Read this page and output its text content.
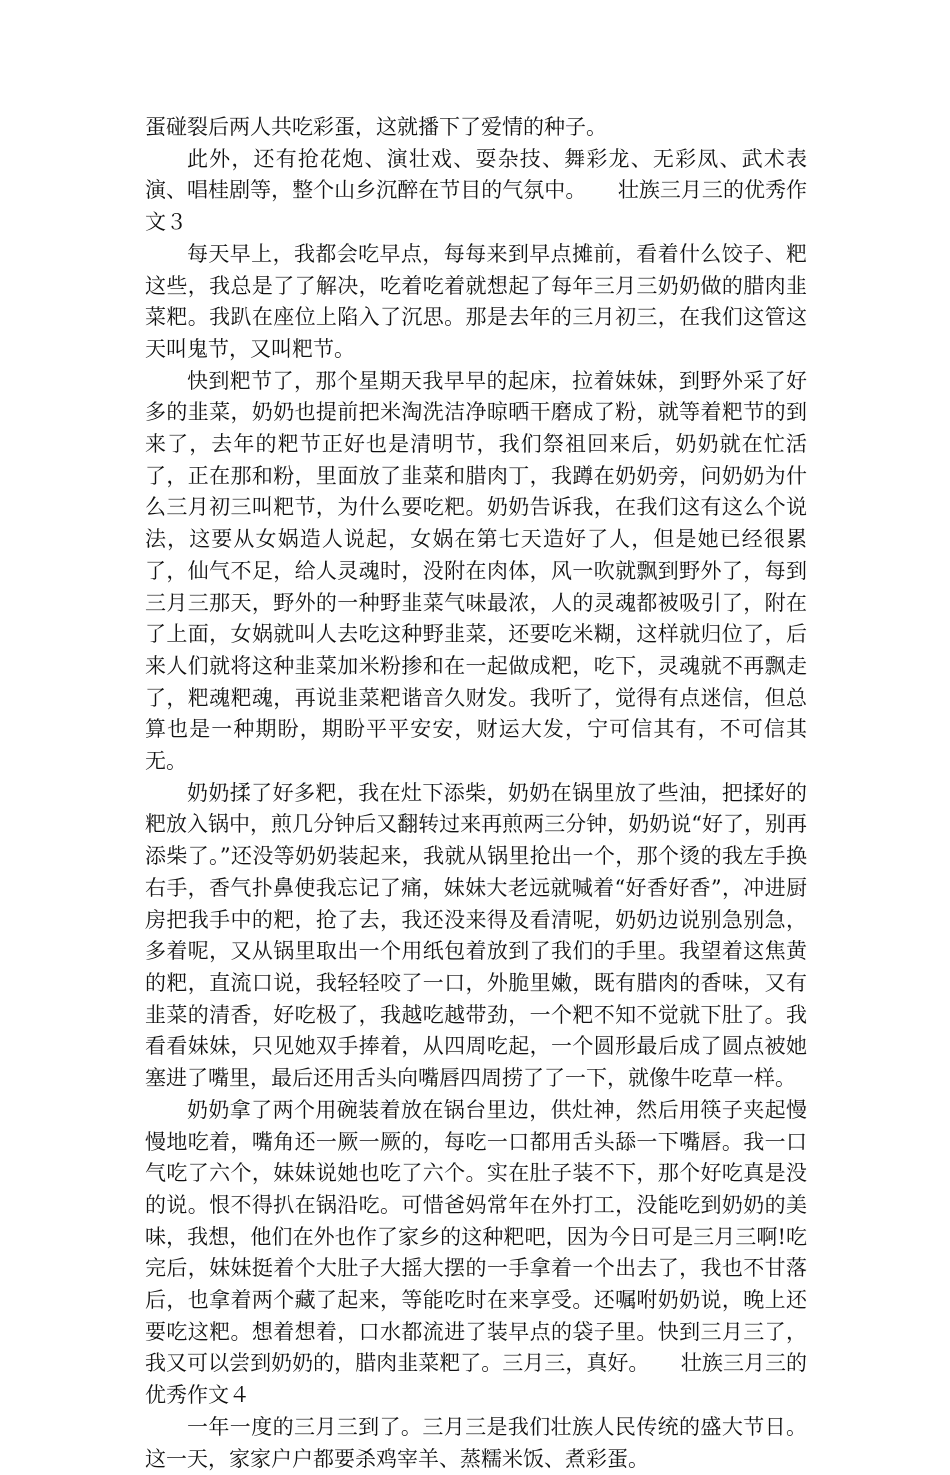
蛋碰裂后两人共吃彩蛋，这就播下了爱情的种子。

此外，还有抢花炮、演壮戏、耍杂技、舞彩龙、无彩凤、武术表演、唱桂剧等，整个山乡沉醉在节目的气氛中。　　壮族三月三的优秀作文３

每天早上，我都会吃早点，每每来到早点摊前，看着什么饺子、粑这些，我总是了了解决，吃着吃着就想起了每年三月三奶奶做的腊肉韭菜粑。我趴在座位上陷入了沉思。那是去年的三月初三，在我们这管这天叫鬼节，又叫粑节。

快到粑节了，那个星期天我早早的起床，拉着妹妹，到野外采了好多的韭菜，奶奶也提前把米淘洗洁净晾晒干磨成了粉，就等着粑节的到来了，去年的粑节正好也是清明节，我们祭祖回来后，奶奶就在忙活了，正在那和粉，里面放了韭菜和腊肉丁，我蹲在奶奶旁，问奶奶为什么三月初三叫粑节，为什么要吃粑。奶奶告诉我，在我们这有这么个说法，这要从女娲造人说起，女娲在第七天造好了人，但是她已经很累了，仙气不足，给人灵魂时，没附在肉体，风一吹就飘到野外了，每到三月三那天，野外的一种野韭菜气味最浓，人的灵魂都被吸引了，附在了上面，女娲就叫人去吃这种野韭菜，还要吃米糊，这样就归位了，后来人们就将这种韭菜加米粉掺和在一起做成粑，吃下，灵魂就不再飘走了，粑魂粑魂，再说韭菜粑谐音久财发。我听了，觉得有点迷信，但总算也是一种期盼，期盼平平安安，财运大发，宁可信其有，不可信其无。

奶奶揉了好多粑，我在灶下添柴，奶奶在锅里放了些油，把揉好的粑放入锅中，煎几分钟后又翻转过来再煎两三分钟，奶奶说“好了，别再添柴了。”还没等奶奶装起来，我就从锅里抢出一个，那个烫的我左手换右手，香气扑鼻使我忘记了痛，妹妹大老远就喊着“好香好香”，冲进厨房把我手中的粑，抢了去，我还没来得及看清呢，奶奶边说别急别急，多着呢，又从锅里取出一个用纸包着放到了我们的手里。我望着这焦黄的粑，直流口说，我轻轻咬了一口，外脆里嫩，既有腊肉的香味，又有韭菜的清香，好吃极了，我越吃越带劲，一个粑不知不觉就下肚了。我看看妹妹，只见她双手捧着，从四周吃起，一个圆形最后成了圆点被她塞进了嘴里，最后还用舌头向嘴唇四周捞了了一下，就像牛吃草一样。

奶奶拿了两个用碗装着放在锅台里边，供灶神，然后用筷子夹起慢慢地吃着，嘴角还一厥一厥的，每吃一口都用舌头舔一下嘴唇。我一口气吃了六个，妹妹说她也吃了六个。实在肚子装不下，那个好吃真是没的说。恨不得扒在锅沿吃。可惜爸妈常年在外打工，没能吃到奶奶的美味，我想，他们在外也作了家乡的这种粑吧，因为今日可是三月三啊!吃完后，妹妹挺着个大肚子大摇大摆的一手拿着一个出去了，我也不甘落后，也拿着两个藏了起来，等能吃时在来享受。还嘱咐奶奶说，晚上还要吃这粑。想着想着，口水都流进了装早点的袋子里。快到三月三了，我又可以尝到奶奶的，腊肉韭菜粑了。三月三，真好。　　壮族三月三的优秀作文４

一年一度的三月三到了。三月三是我们壮族人民传统的盛大节日。这一天，家家户户都要杀鸡宰羊、蒸糯米饭、煮彩蛋。
